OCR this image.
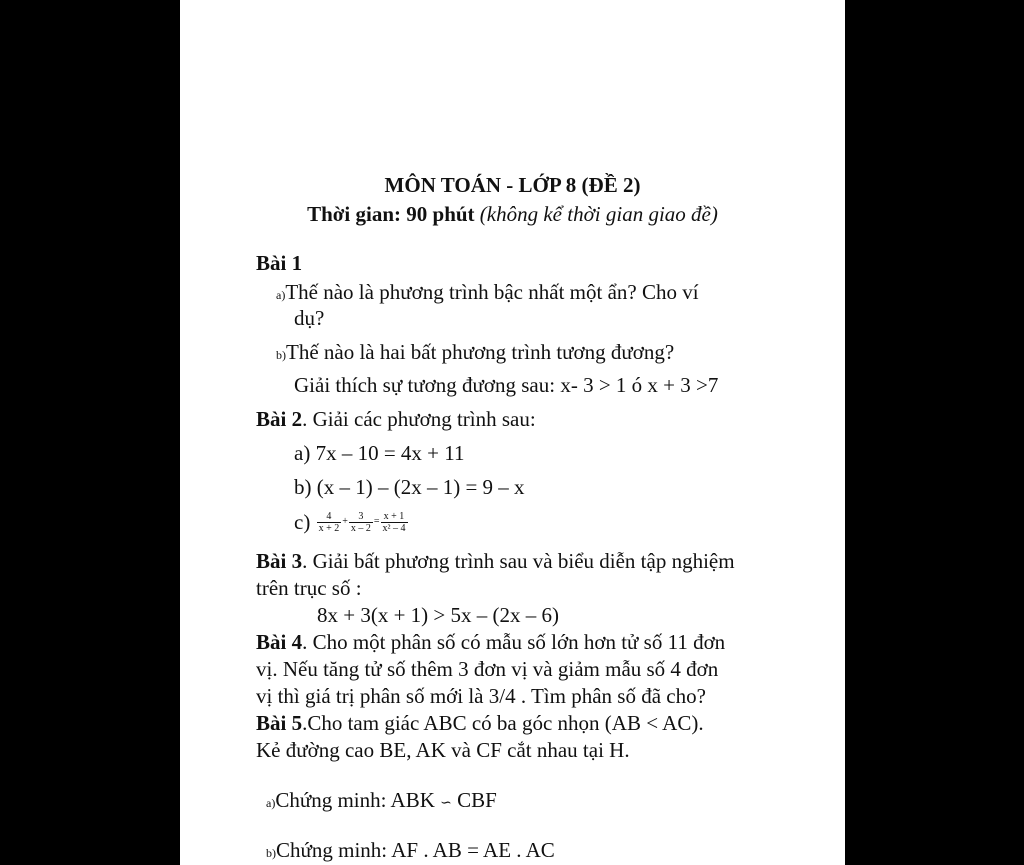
MÔN TOÁN - LỚP 8 (ĐỀ 2)
Thời gian: 90 phút (không kể thời gian giao đề)
Bài 1
a)Thế nào là phương trình bậc nhất một ẩn? Cho ví
dụ?
b)Thế nào là hai bất phương trình tương đương?
Giải thích sự tương đương sau: x- 3 > 1 ó x + 3 >7
Bài 2. Giải các phương trình sau:
a) 7x – 10 = 4x + 11
b) (x – 1) – (2x – 1) = 9 – x
$c) \frac{4}{x + 2} + \frac{3}{x - 2} = \frac{x + 1}{\text{x² – 4}}$
Bài 3. Giải bất phương trình sau và biểu diễn tập nghiệm
trên trục số :
8x + 3(x + 1) > 5x – (2x – 6)
Bài 4. Cho một phân số có mẫu số lớn hơn tử số 11 đơn
vị. Nếu tăng tử số thêm 3 đơn vị và giảm mẫu số 4 đơn
vị thì giá trị phân số mới là 3/4 . Tìm phân số đã cho?
Bài 5.Cho tam giác ABC có ba góc nhọn (AB < AC).
Kẻ đường cao BE, AK và CF cắt nhau tại H.
a)Chứng minh: ABK ∽ CBF
b)Chứng minh: AF . AB = AE . AC
